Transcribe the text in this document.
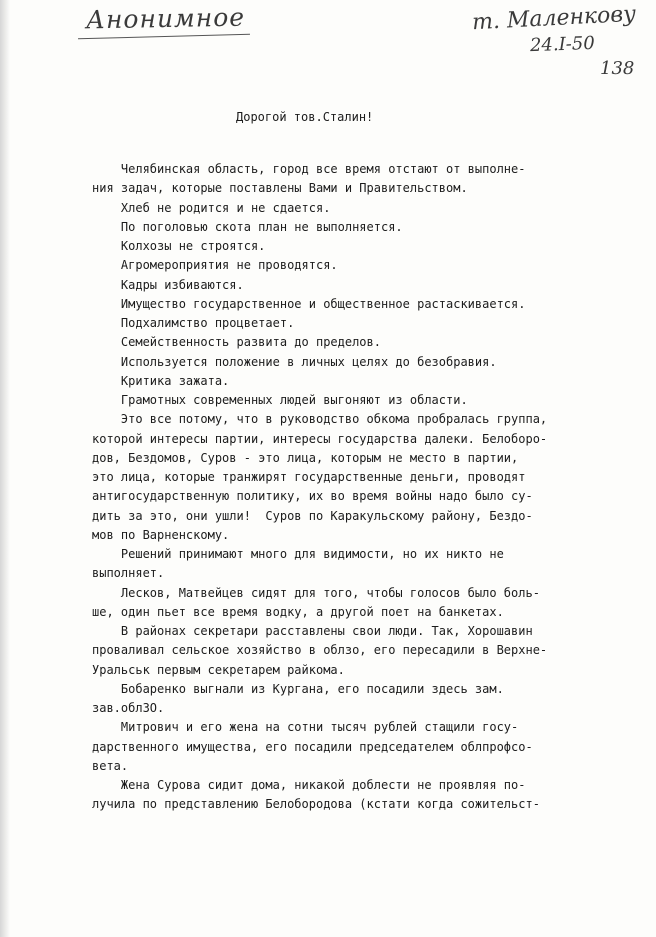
Анонимное	т. Маленкову
24.I-50
138
Дорогой тов.Сталин!
Челябинская область, город все время отстают от выполне-
ния задач, которые поставлены Вами и Правительством.
Хлеб не родится и не сдается.
По поголовью скота план не выполняется.
Колхозы не строятся.
Агромероприятия не проводятся.
Кадры избиваются.
Имущество государственное и общественное растаскивается.
Подхалимство процветает.
Семейственность развита до пределов.
Используется положение в личных целях до безобравия.
Критика зажата.
Грамотных современных людей выгоняют из области.
Это все потому, что в руководство обкома пробралась группа,
которой интересы партии, интересы государства далеки. Белоборо-
дов, Бездомов, Суров - это лица, которым не место в партии,
это лица, которые транжирят государственные деньги, проводят
антигосударственную политику, их во время войны надо было су-
дить за это, они ушли!  Суров по Каракульскому району, Бездо-
мов по Варненскому.
Решений принимают много для видимости, но их никто не
выполняет.
Лесков, Матвейцев сидят для того, чтобы голосов было боль-
ше, один пьет все время водку, а другой поет на банкетах.
В районах секретари расставлены свои люди. Так, Хорошавин
проваливал сельское хозяйство в облзо, его пересадили в Верхне-
Уральськ первым секретарем райкома.
Бобаренко выгнали из Кургана, его посадили здесь зам.
зав.облЗО.
Митрович и его жена на сотни тысяч рублей стащили госу-
дарственного имущества, его посадили председателем облпрофсо-
вета.
Жена Сурова сидит дома, никакой доблести не проявляя по-
лучила по представлению Белобородова (кстати когда сожительст-
